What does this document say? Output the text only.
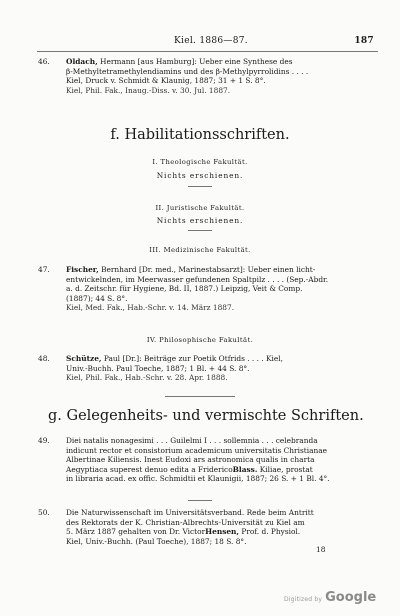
Kiel. 1886—87.	187
46. Oldach, Hermann [aus Hamburg]: Ueber eine Synthese des
β-Methyltetramethylendiamins und des β-Methylpyrrolidins . . . .
Kiel, Druck v. Schmidt & Klaunig, 1887; 31 + 1 S. 8°.
Kiel, Phil. Fak., Inaug.-Diss. v. 30. Jul. 1887.
f. Habilitationsschriften.
I. Theologische Fakultät.
Nichts erschienen.
II. Juristische Fakultät.
Nichts erschienen.
III. Medizinische Fakultät.
47. Fischer, Bernhard [Dr. med., Marinestabsarzt]: Ueber einen licht-
entwickelnden, im Meerwasser gefundenen Spaltpilz . . . . (Sep.-Abdr.
a. d. Zeitschr. für Hygiene, Bd. II, 1887.) Leipzig, Veit & Comp.
(1887); 44 S. 8°.
Kiel, Med. Fak., Hab.-Schr. v. 14. März 1887.
IV. Philosophische Fakultät.
48. Schütze, Paul [Dr.]: Beiträge zur Poetik Otfrids . . . . Kiel,
Univ.-Buchh. Paul Toeche, 1887; 1 Bl. + 44 S. 8°.
Kiel, Phil. Fak., Hab.-Schr. v. 28. Apr. 1888.
g. Gelegenheits- und vermischte Schriften.
49. Diei natalis nonagesimi . . . Guilelmi I . . . sollemnia . . . celebranda
indicunt rector et consistorium academicum universitatis Christianae
Albertinae Kiliensis. Inest Eudoxi ars astronomica qualis in charta
Aegyptiaca superest denuo edita a FridericoBlass. Kiliae, prostat
in libraria acad. ex offic. Schmidtii et Klaunigii, 1887; 26 S. + 1 Bl. 4°.
50. Die Naturwissenschaft im Universitätsverband. Rede beim Antritt
des Rektorats der K. Christian-Albrechts-Universität zu Kiel am
5. März 1887 gehalten von Dr. VictorHensen, Prof. d. Physiol.
Kiel, Univ.-Buchh. (Paul Toeche), 1887; 18 S. 8°.
18
Digitized by Google
